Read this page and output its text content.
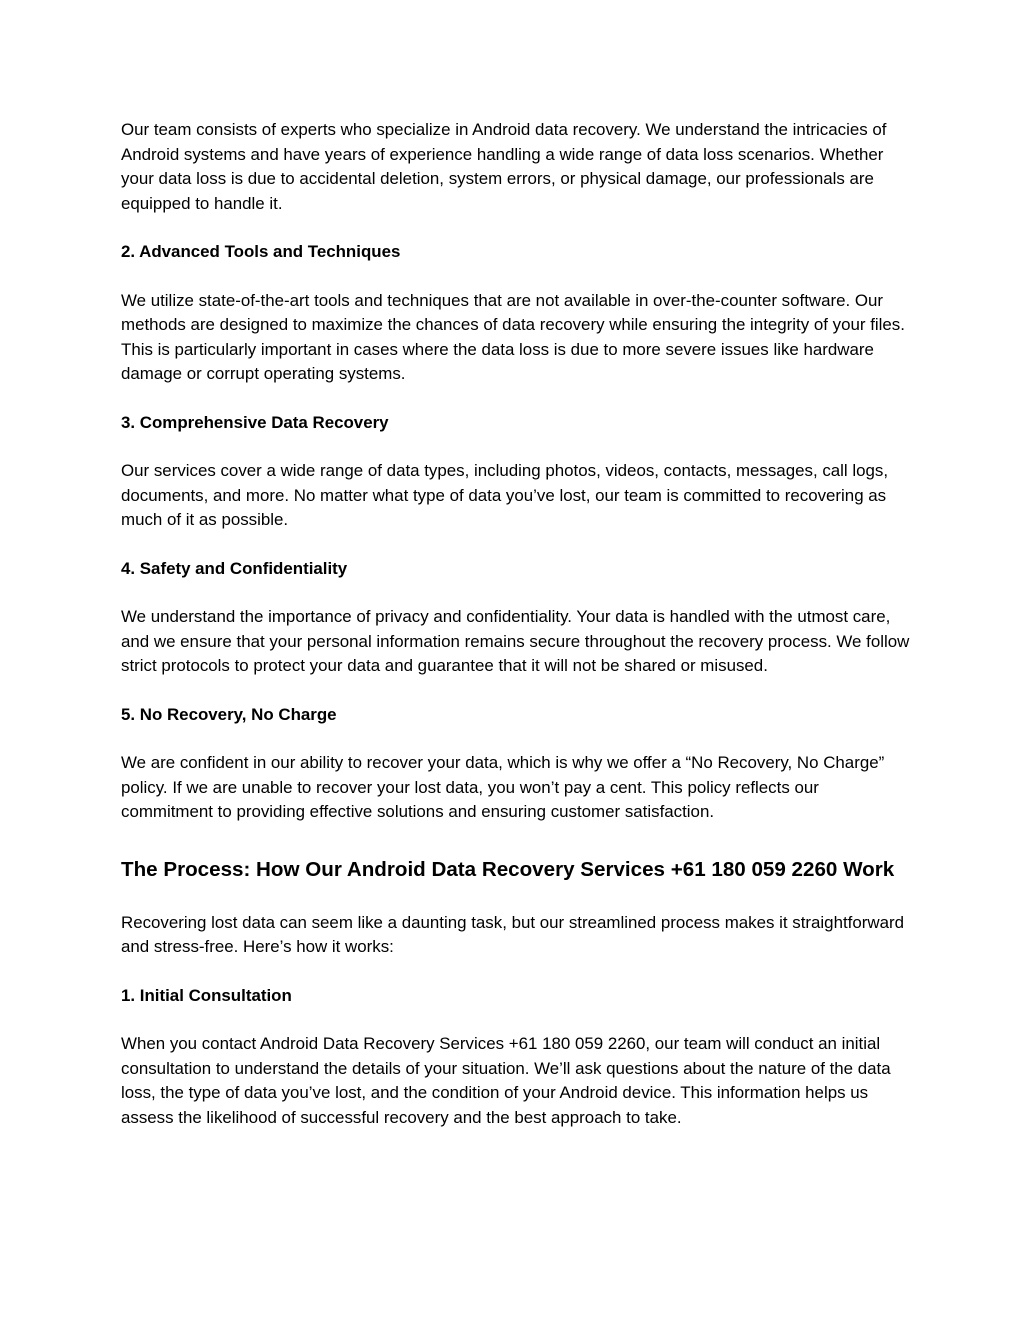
Our team consists of experts who specialize in Android data recovery. We understand the intricacies of Android systems and have years of experience handling a wide range of data loss scenarios. Whether your data loss is due to accidental deletion, system errors, or physical damage, our professionals are equipped to handle it.

2. Advanced Tools and Techniques

We utilize state-of-the-art tools and techniques that are not available in over-the-counter software. Our methods are designed to maximize the chances of data recovery while ensuring the integrity of your files. This is particularly important in cases where the data loss is due to more severe issues like hardware damage or corrupt operating systems.

3. Comprehensive Data Recovery

Our services cover a wide range of data types, including photos, videos, contacts, messages, call logs, documents, and more. No matter what type of data you’ve lost, our team is committed to recovering as much of it as possible.

4. Safety and Confidentiality

We understand the importance of privacy and confidentiality. Your data is handled with the utmost care, and we ensure that your personal information remains secure throughout the recovery process. We follow strict protocols to protect your data and guarantee that it will not be shared or misused.

5. No Recovery, No Charge

We are confident in our ability to recover your data, which is why we offer a “No Recovery, No Charge” policy. If we are unable to recover your lost data, you won’t pay a cent. This policy reflects our commitment to providing effective solutions and ensuring customer satisfaction.

The Process: How Our Android Data Recovery Services +61 180 059 2260 Work

Recovering lost data can seem like a daunting task, but our streamlined process makes it straightforward and stress-free. Here’s how it works:

1. Initial Consultation

When you contact Android Data Recovery Services +61 180 059 2260, our team will conduct an initial consultation to understand the details of your situation. We’ll ask questions about the nature of the data loss, the type of data you’ve lost, and the condition of your Android device. This information helps us assess the likelihood of successful recovery and the best approach to take.
